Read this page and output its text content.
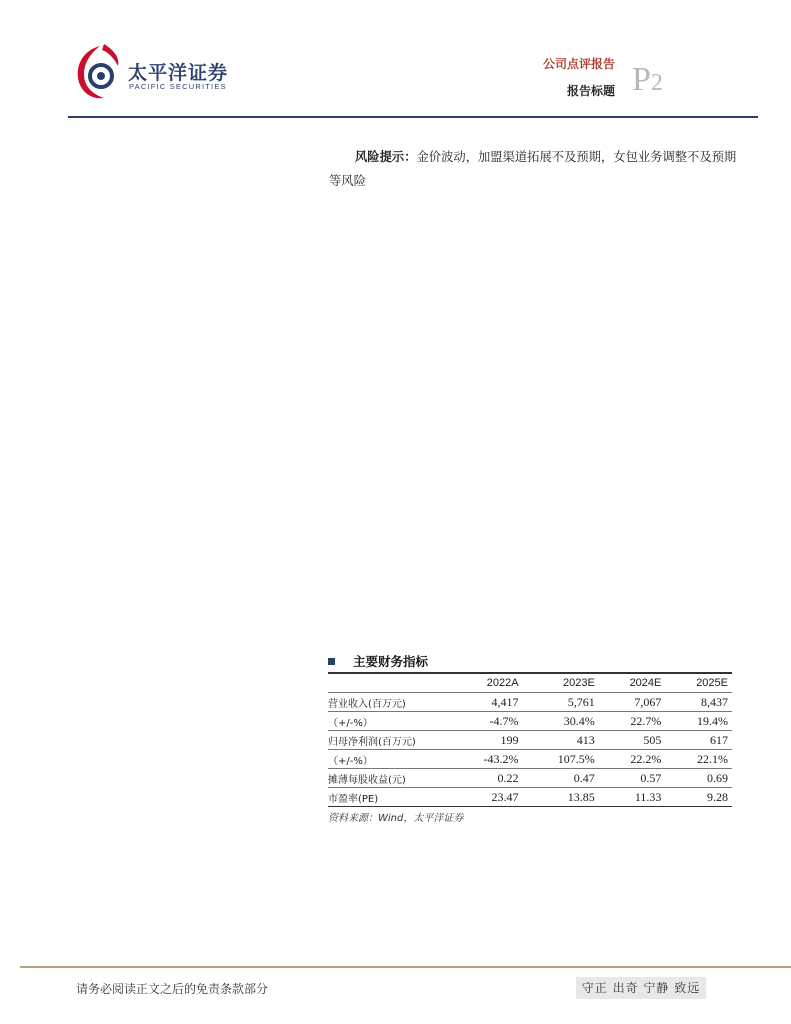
太平洋证券
PACIFIC SECURITIES
公司点评报告
报告标题 P2
风险提示：金价波动，加盟渠道拓展不及预期，女包业务调整不及预期等风险
主要财务指标
	2022A	2023E	2024E	2025E
营业收入(百万元)	4,417	5,761	7,067	8,437
（+/-%）	-4.7%	30.4%	22.7%	19.4%
归母净利润(百万元)	199	413	505	617
（+/-%）	-43.2%	107.5%	22.2%	22.1%
摊薄每股收益(元)	0.22	0.47	0.57	0.69
市盈率(PE)	23.47	13.85	11.33	9.28
资料来源：Wind，太平洋证券
请务必阅读正文之后的免责条款部分	守正 出奇 宁静 致远
